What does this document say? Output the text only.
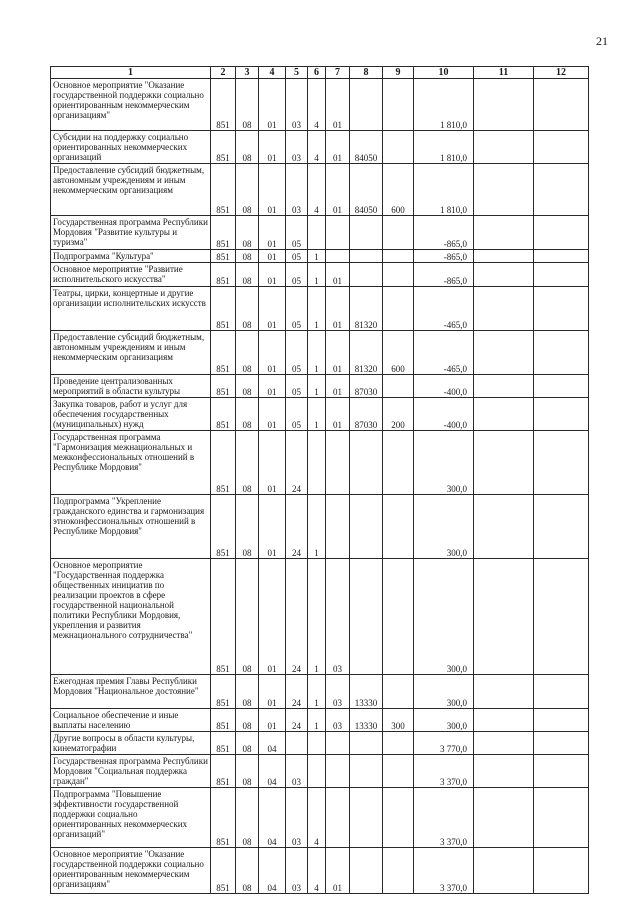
21
1	2	3	4	5	6	7	8	9	10	11	12
Основное мероприятие "Оказание государственной поддержки социально ориентированным некоммерческим организациям"	851	08	01	03	4	01			1 810,0		
Субсидии на поддержку социально ориентированных некоммерческих организаций	851	08	01	03	4	01	84050		1 810,0		
Предоставление субсидий бюджетным, автономным учреждениям и иным некоммерческим организациям	851	08	01	03	4	01	84050	600	1 810,0		
Государственная программа Республики Мордовия "Развитие культуры и туризма"	851	08	01	05					-865,0		
Подпрограмма "Культура"	851	08	01	05	1				-865,0		
Основное мероприятие "Развитие исполнительского искусства"	851	08	01	05	1	01			-865,0		
Театры, цирки, концертные и другие организации исполнительских искусств	851	08	01	05	1	01	81320		-465,0		
Предоставление субсидий бюджетным, автономным учреждениям и иным некоммерческим организациям	851	08	01	05	1	01	81320	600	-465,0		
Проведение централизованных мероприятий в области культуры	851	08	01	05	1	01	87030		-400,0		
Закупка товаров, работ и услуг для обеспечения государственных (муниципальных) нужд	851	08	01	05	1	01	87030	200	-400,0		
Государственная программа "Гармонизация межнациональных и межконфессиональных отношений в Республике Мордовия"	851	08	01	24					300,0		
Подпрограмма "Укрепление гражданского единства и гармонизация этноконфессиональных отношений в Республике Мордовия"	851	08	01	24	1				300,0		
Основное мероприятие "Государственная поддержка общественных инициатив по реализации проектов в сфере государственной национальной политики Республики Мордовия, укрепления и развития межнационального сотрудничества"	851	08	01	24	1	03			300,0		
Ежегодная премия Главы Республики Мордовия "Национальное достояние"	851	08	01	24	1	03	13330		300,0		
Социальное обеспечение и иные выплаты населению	851	08	01	24	1	03	13330	300	300,0		
Другие вопросы в области культуры, кинематографии	851	08	04						3 770,0		
Государственная программа Республики Мордовия "Социальная поддержка граждан"	851	08	04	03					3 370,0		
Подпрограмма "Повышение эффективности государственной поддержки социально ориентированных некоммерческих организаций"	851	08	04	03	4				3 370,0		
Основное мероприятие "Оказание государственной поддержки социально ориентированным некоммерческим организациям"	851	08	04	03	4	01			3 370,0		
